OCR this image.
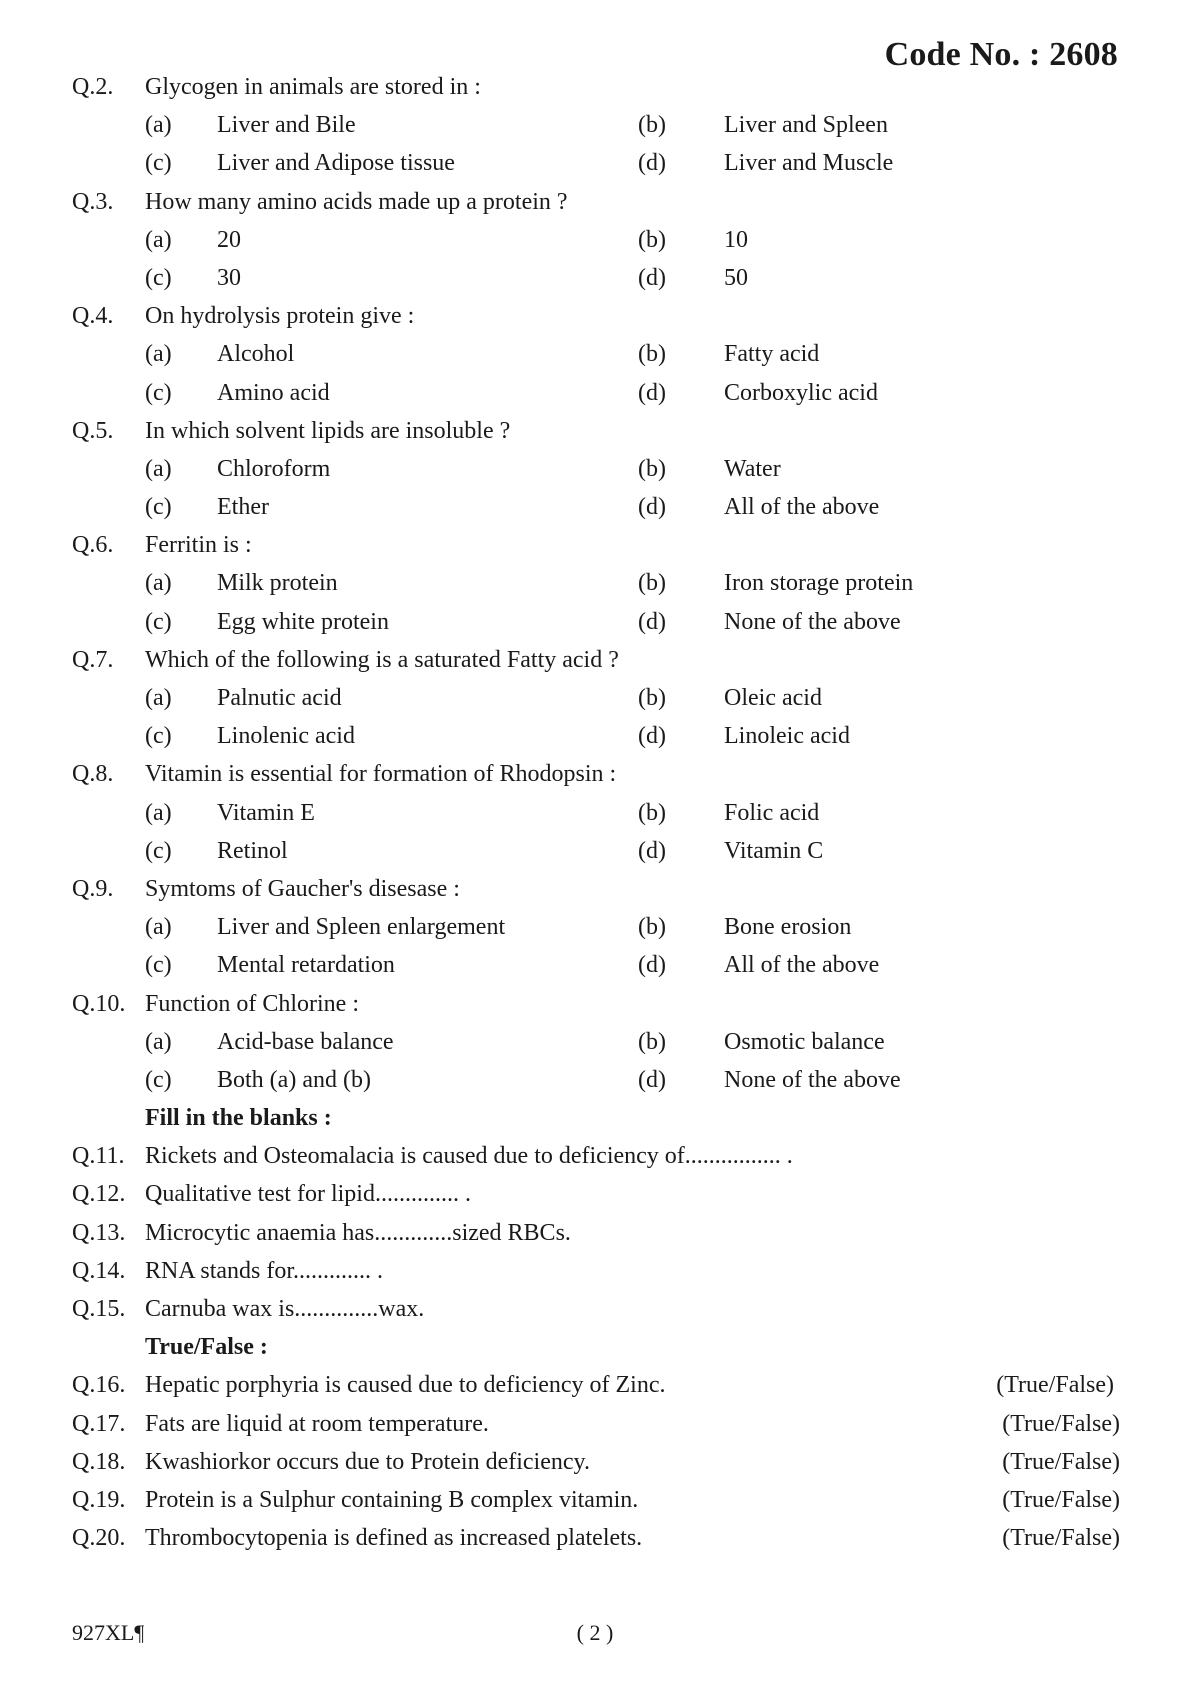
Code No. : 2608
Q.2. Glycogen in animals are stored in :
(a) Liver and Bile	(b) Liver and Spleen
(c) Liver and Adipose tissue	(d) Liver and Muscle
Q.3. How many amino acids made up a protein ?
(a) 20	(b) 10
(c) 30	(d) 50
Q.4. On hydrolysis protein give :
(a) Alcohol	(b) Fatty acid
(c) Amino acid	(d) Corboxylic acid
Q.5. In which solvent lipids are insoluble ?
(a) Chloroform	(b) Water
(c) Ether	(d) All of the above
Q.6. Ferritin is :
(a) Milk protein	(b) Iron storage protein
(c) Egg white protein	(d) None of the above
Q.7. Which of the following is a saturated Fatty acid ?
(a) Palnutic acid	(b) Oleic acid
(c) Linolenic acid	(d) Linoleic acid
Q.8. Vitamin is essential for formation of Rhodopsin :
(a) Vitamin E	(b) Folic acid
(c) Retinol	(d) Vitamin C
Q.9. Symtoms of Gaucher's disesase :
(a) Liver and Spleen enlargement	(b) Bone erosion
(c) Mental retardation	(d) All of the above
Q.10. Function of Chlorine :
(a) Acid-base balance	(b) Osmotic balance
(c) Both (a) and (b)	(d) None of the above
Fill in the blanks :
Q.11. Rickets and Osteomalacia is caused due to deficiency of................ .
Q.12. Qualitative test for lipid.............. .
Q.13. Microcytic anaemia has.............sized RBCs.
Q.14. RNA stands for............. .
Q.15. Carnuba wax is..............wax.
True/False :
Q.16. Hepatic porphyria is caused due to deficiency of Zinc.	(True/False)
Q.17. Fats are liquid at room temperature.	(True/False)
Q.18. Kwashiorkor occurs due to Protein deficiency.	(True/False)
Q.19. Protein is a Sulphur containing B complex vitamin.	(True/False)
Q.20. Thrombocytopenia is defined as increased platelets.	(True/False)
927XL¶	( 2 )
